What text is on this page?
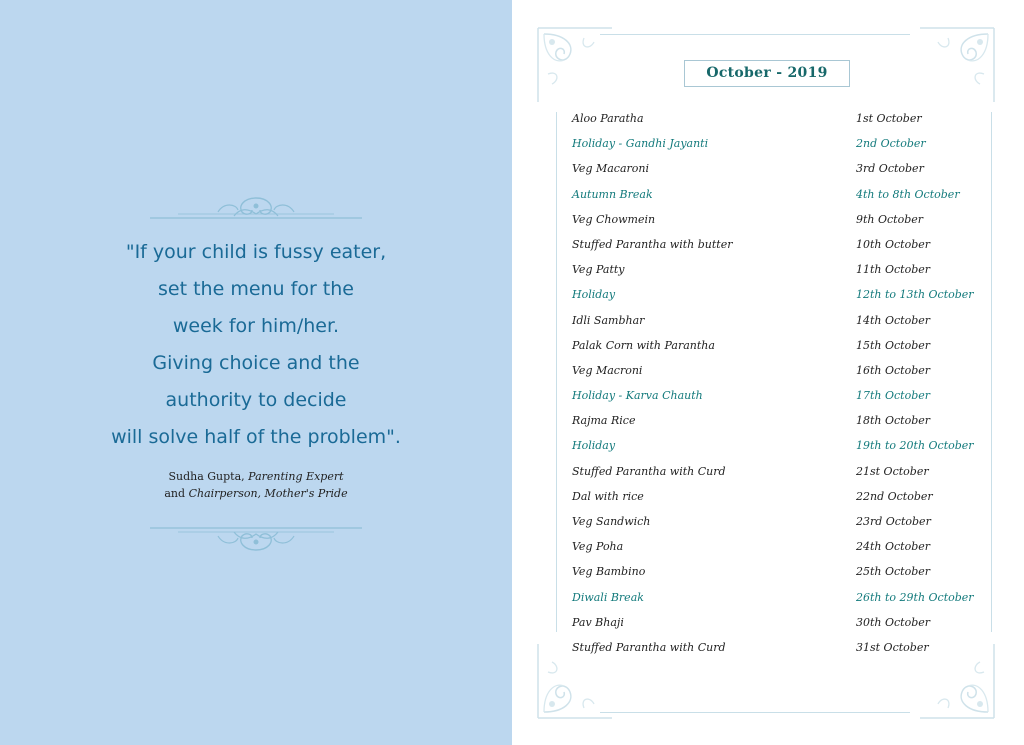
"If your child is fussy eater,
set the menu for the
week for him/her.
Giving choice and the
authority to decide
will solve half of the problem".
Sudha Gupta, Parenting Expert
and Chairperson, Mother's Pride
October - 2019
Aloo Paratha	1st October
Holiday - Gandhi Jayanti	2nd October
Veg Macaroni	3rd October
Autumn Break	4th to 8th October
Veg Chowmein	9th October
Stuffed Parantha with butter	10th October
Veg Patty	11th October
Holiday	12th to 13th October
Idli Sambhar	14th October
Palak Corn with Parantha	15th October
Veg Macroni	16th October
Holiday - Karva Chauth	17th October
Rajma Rice	18th October
Holiday	19th to 20th October
Stuffed Parantha with Curd	21st October
Dal with rice	22nd October
Veg Sandwich	23rd October
Veg Poha	24th October
Veg Bambino	25th October
Diwali Break	26th to 29th October
Pav Bhaji	30th October
Stuffed Parantha with Curd	31st October
